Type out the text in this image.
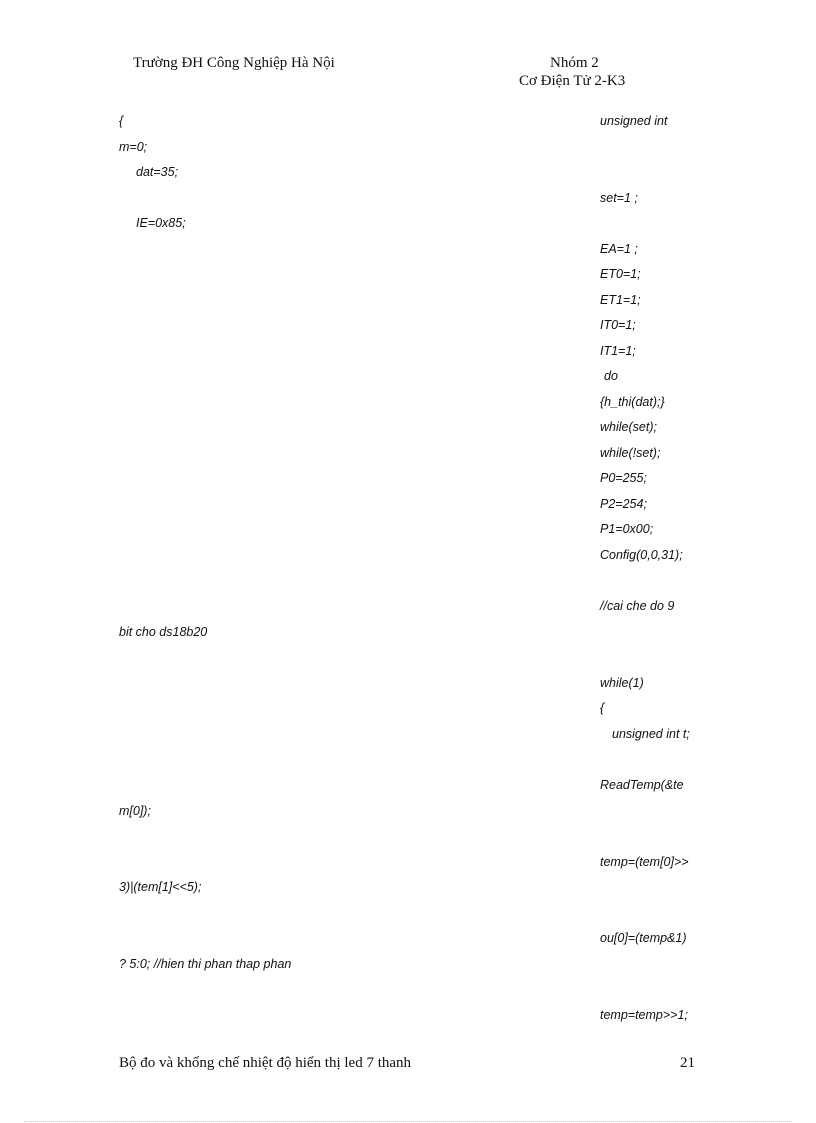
Trường ĐH Công Nghiệp Hà Nội	Nhóm 2
Cơ Điện Tử 2-K3
{	unsigned int
m=0;
dat=35;
set=1 ;
IE=0x85;
EA=1 ;
ET0=1;
ET1=1;
IT0=1;
IT1=1;
do
{h_thi(dat);}
while(set);
while(!set);
P0=255;
P2=254;
P1=0x00;
Config(0,0,31);
//cai che do 9
bit cho ds18b20
while(1)
{
unsigned int t;
ReadTemp(&te
m[0]);
temp=(tem[0]>>
3)|(tem[1]<<5);
ou[0]=(temp&1)
? 5:0; //hien thi phan thap phan
temp=temp>>1;
Bộ đo và khống chế nhiệt độ hiển thị led 7 thanh	21
